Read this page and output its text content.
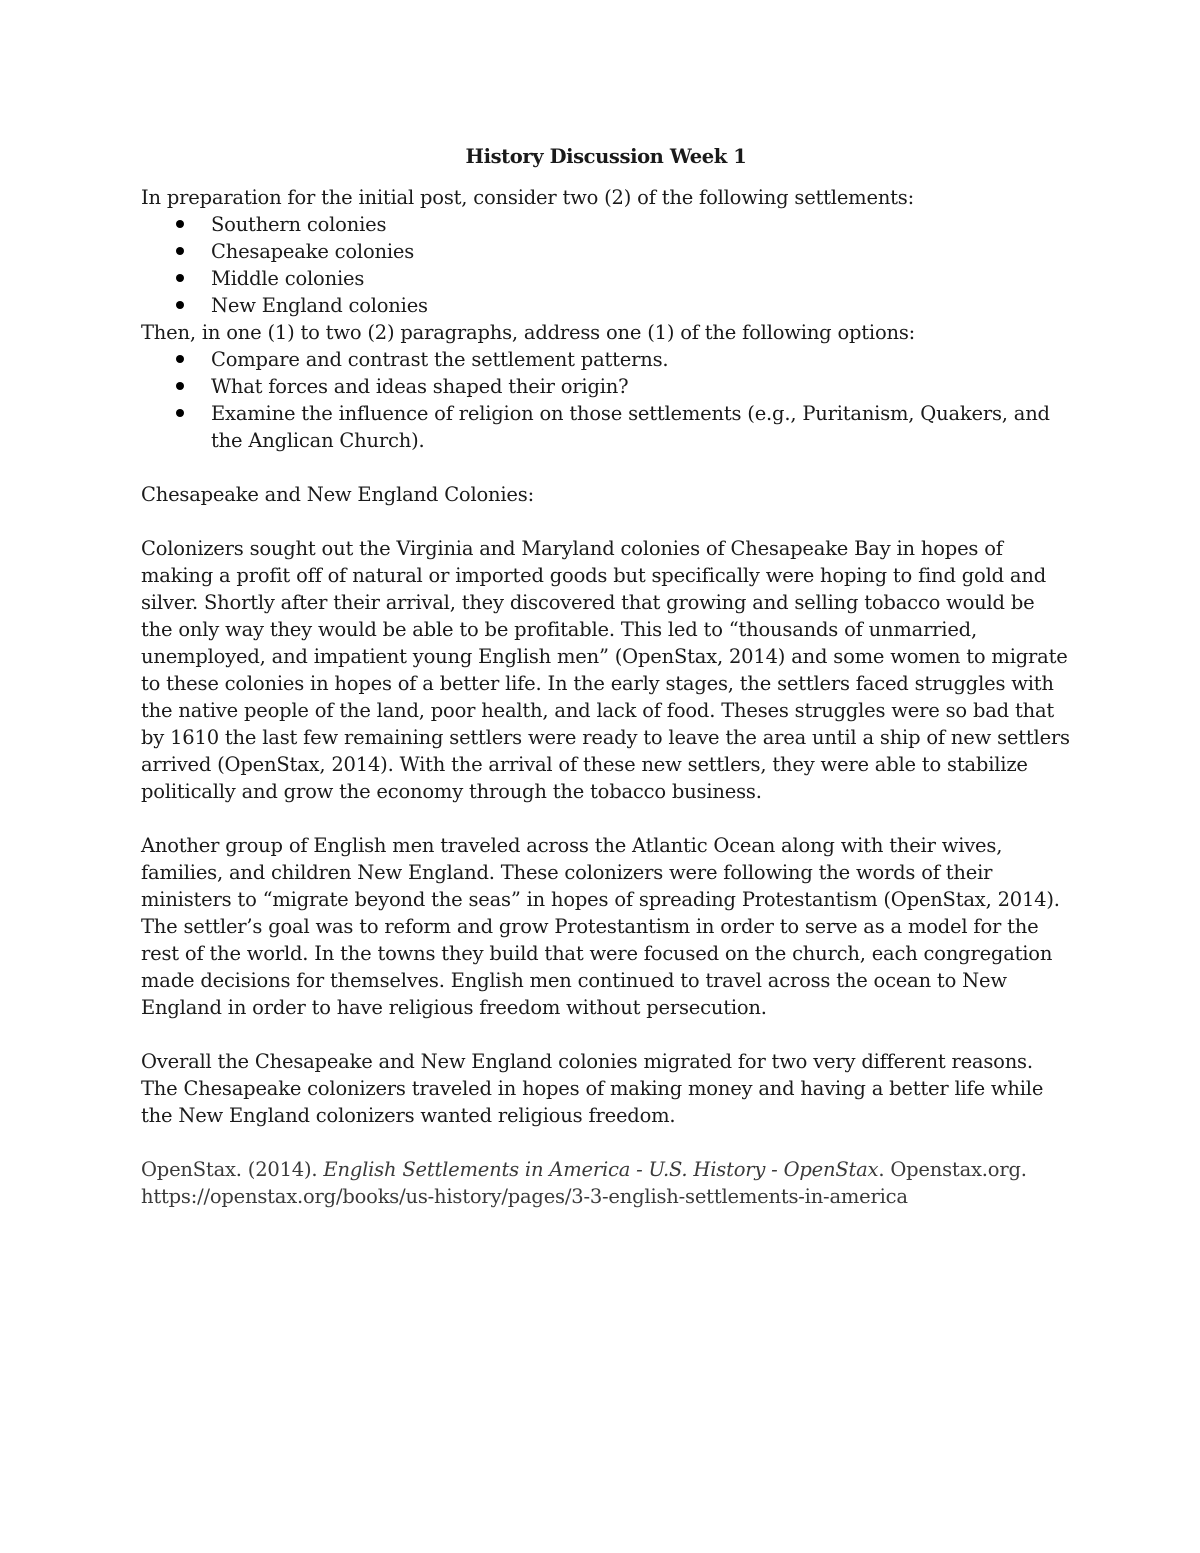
History Discussion Week 1

In preparation for the initial post, consider two (2) of the following settlements:

Southern colonies
Chesapeake colonies
Middle colonies
New England colonies

Then, in one (1) to two (2) paragraphs, address one (1) of the following options:

Compare and contrast the settlement patterns.
What forces and ideas shaped their origin?
Examine the influence of religion on those settlements (e.g., Puritanism, Quakers, and the Anglican Church).

Chesapeake and New England Colonies:

Colonizers sought out the Virginia and Maryland colonies of Chesapeake Bay in hopes of making a profit off of natural or imported goods but specifically were hoping to find gold and silver. Shortly after their arrival, they discovered that growing and selling tobacco would be the only way they would be able to be profitable. This led to “thousands of unmarried, unemployed, and impatient young English men” (OpenStax, 2014) and some women to migrate to these colonies in hopes of a better life. In the early stages, the settlers faced struggles with the native people of the land, poor health, and lack of food. Theses struggles were so bad that by 1610 the last few remaining settlers were ready to leave the area until a ship of new settlers arrived (OpenStax, 2014). With the arrival of these new settlers, they were able to stabilize politically and grow the economy through the tobacco business.

Another group of English men traveled across the Atlantic Ocean along with their wives, families, and children New England. These colonizers were following the words of their ministers to “migrate beyond the seas” in hopes of spreading Protestantism (OpenStax, 2014). The settler’s goal was to reform and grow Protestantism in order to serve as a model for the rest of the world. In the towns they build that were focused on the church, each congregation made decisions for themselves. English men continued to travel across the ocean to New England in order to have religious freedom without persecution.

Overall the Chesapeake and New England colonies migrated for two very different reasons. The Chesapeake colonizers traveled in hopes of making money and having a better life while the New England colonizers wanted religious freedom.

OpenStax. (2014). English Settlements in America - U.S. History - OpenStax. Openstax.org.
https://openstax.org/books/us-history/pages/3-3-english-settlements-in-america
